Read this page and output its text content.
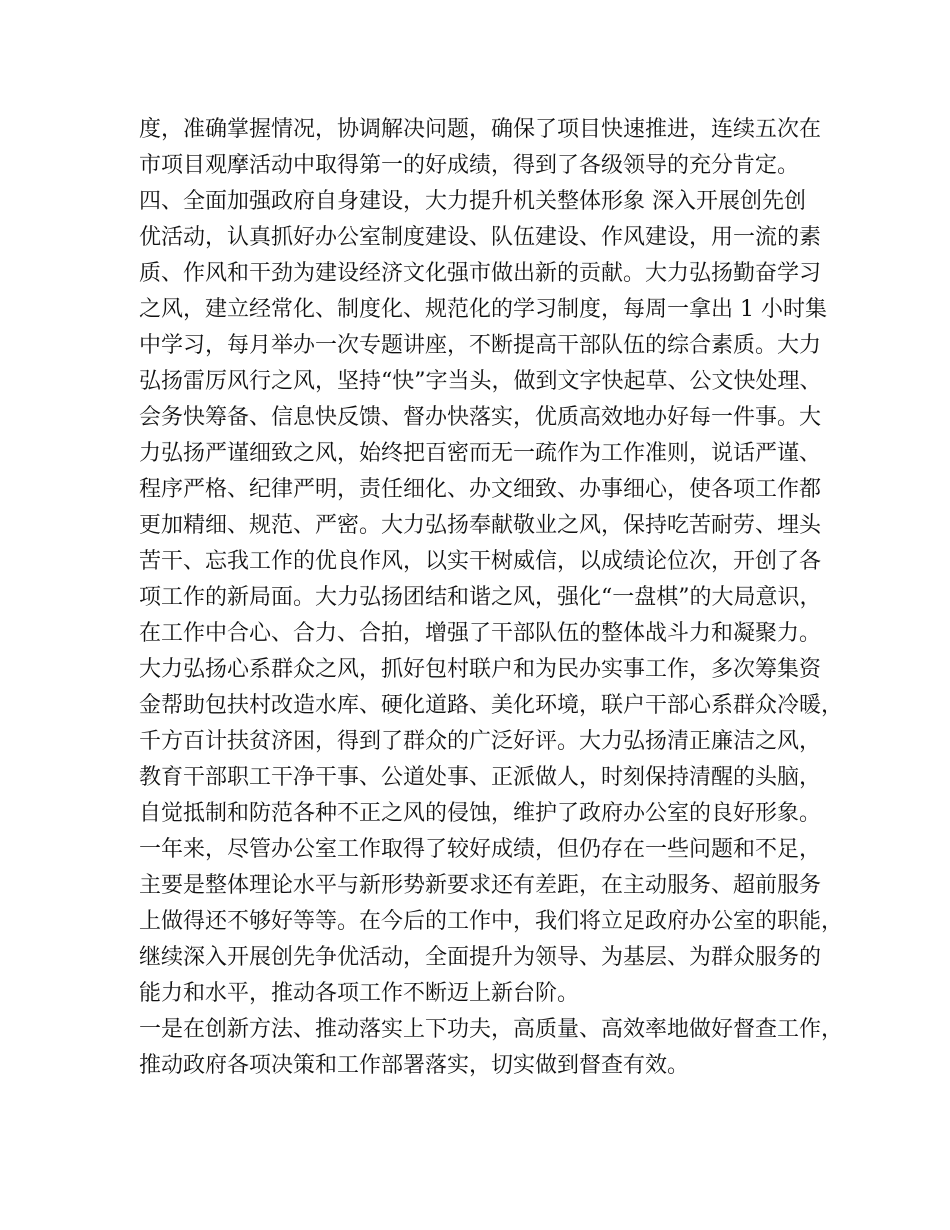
度，准确掌握情况，协调解决问题，确保了项目快速推进，连续五次在
市项目观摩活动中取得第一的好成绩，得到了各级领导的充分肯定。
四、全面加强政府自身建设，大力提升机关整体形象 深入开展创先创
优活动，认真抓好办公室制度建设、队伍建设、作风建设，用一流的素
质、作风和干劲为建设经济文化强市做出新的贡献。大力弘扬勤奋学习
之风，建立经常化、制度化、规范化的学习制度，每周一拿出 1 小时集
中学习，每月举办一次专题讲座，不断提高干部队伍的综合素质。大力
弘扬雷厉风行之风，坚持“快”字当头，做到文字快起草、公文快处理、
会务快筹备、信息快反馈、督办快落实，优质高效地办好每一件事。大
力弘扬严谨细致之风，始终把百密而无一疏作为工作准则，说话严谨、
程序严格、纪律严明，责任细化、办文细致、办事细心，使各项工作都
更加精细、规范、严密。大力弘扬奉献敬业之风，保持吃苦耐劳、埋头
苦干、忘我工作的优良作风，以实干树威信，以成绩论位次，开创了各
项工作的新局面。大力弘扬团结和谐之风，强化“一盘棋”的大局意识，
在工作中合心、合力、合拍，增强了干部队伍的整体战斗力和凝聚力。
大力弘扬心系群众之风，抓好包村联户和为民办实事工作，多次筹集资
金帮助包扶村改造水库、硬化道路、美化环境，联户干部心系群众冷暖，
千方百计扶贫济困，得到了群众的广泛好评。大力弘扬清正廉洁之风，
教育干部职工干净干事、公道处事、正派做人，时刻保持清醒的头脑，
自觉抵制和防范各种不正之风的侵蚀，维护了政府办公室的良好形象。
一年来，尽管办公室工作取得了较好成绩，但仍存在一些问题和不足，
主要是整体理论水平与新形势新要求还有差距，在主动服务、超前服务
上做得还不够好等等。在今后的工作中，我们将立足政府办公室的职能，
继续深入开展创先争优活动，全面提升为领导、为基层、为群众服务的
能力和水平，推动各项工作不断迈上新台阶。
一是在创新方法、推动落实上下功夫，高质量、高效率地做好督查工作，
推动政府各项决策和工作部署落实，切实做到督查有效。
